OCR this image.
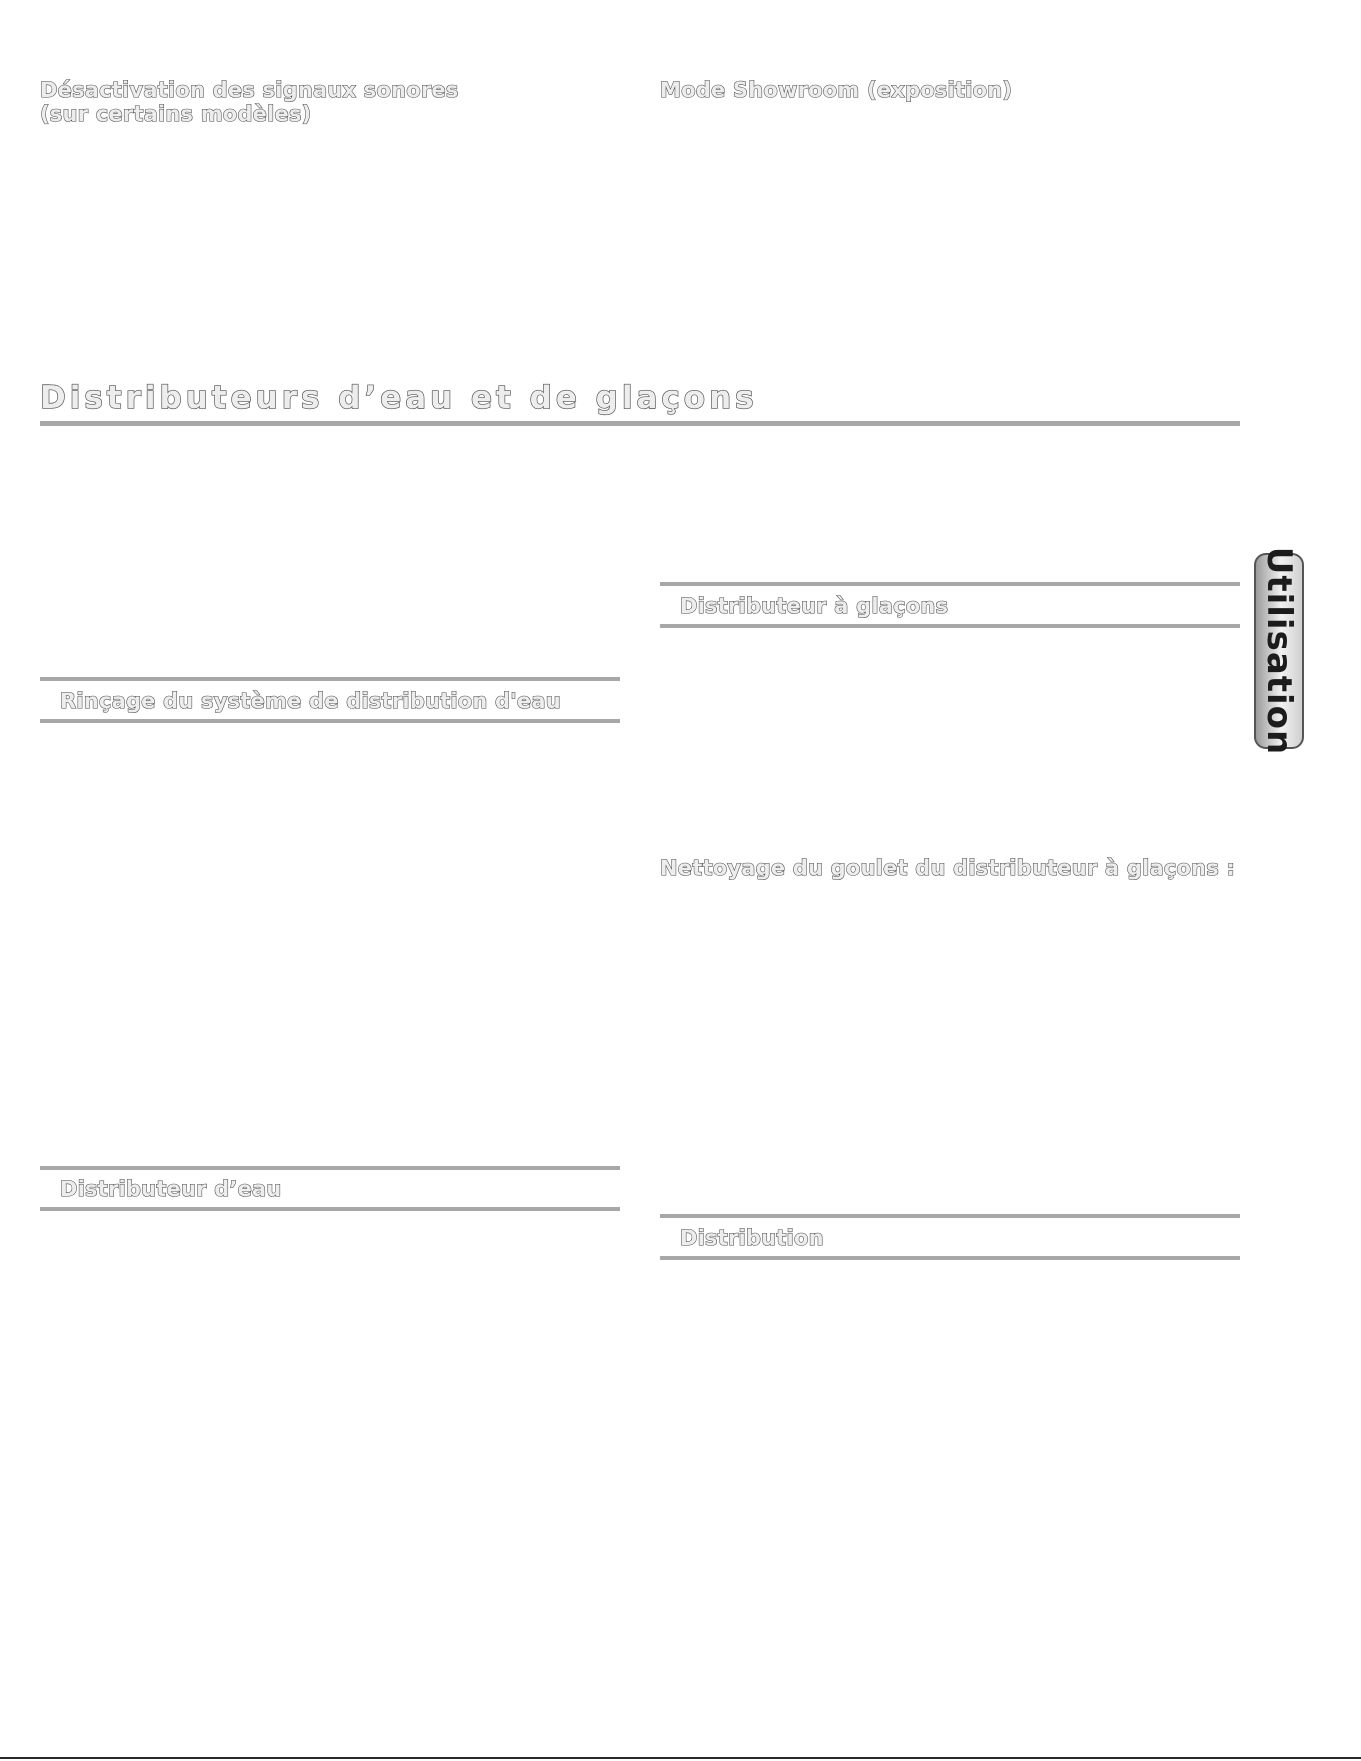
Désactivation des signaux sonores
(sur certains modèles)
Mode Showroom (exposition)
Distributeurs d’eau et de glaçons
Distributeur à glaçons
Rinçage du système de distribution d'eau
Nettoyage du goulet du distributeur à glaçons :
Distributeur d’eau
Distribution
Utilisation
